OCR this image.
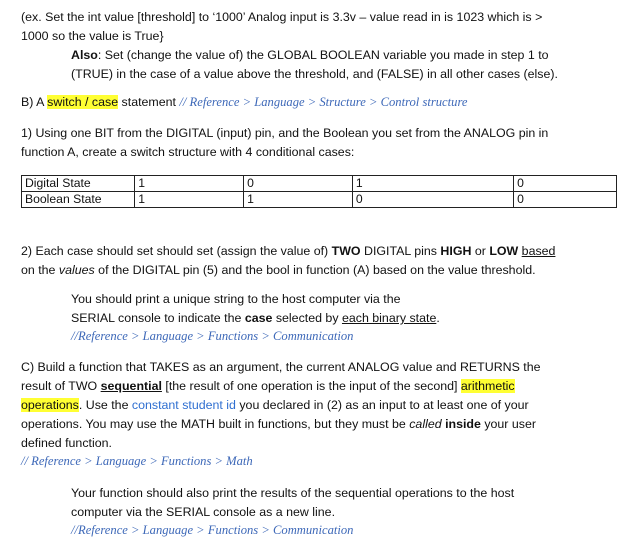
(ex. Set the int value [threshold] to ‘1000’ Analog input is 3.3v – value read in is 1023 which is >
1000 so the value is True}
Also: Set (change the value of) the GLOBAL BOOLEAN variable you made in step 1 to
(TRUE) in the case of a value above the threshold, and (FALSE) in all other cases (else).
B) A switch / case statement // Reference > Language > Structure > Control structure
1) Using one BIT from the DIGITAL (input) pin, and the Boolean you set from the ANALOG pin in
function A, create a switch structure with 4 conditional cases:
Digital State	1	0	1	0
Boolean State	1	1	0	0
2) Each case should set should set (assign the value of) TWO DIGITAL pins HIGH or LOW based
on the values of the DIGITAL pin (5) and the bool in function (A) based on the value threshold.
You should print a unique string to the host computer via the
SERIAL console to indicate the case selected by each binary state.
//Reference > Language > Functions > Communication
C) Build a function that TAKES as an argument, the current ANALOG value and RETURNS the
result of TWO sequential [the result of one operation is the input of the second] arithmetic
operations. Use the constant student id you declared in (2) as an input to at least one of your
operations. You may use the MATH built in functions, but they must be called inside your user
defined function.
// Reference > Language > Functions > Math
Your function should also print the results of the sequential operations to the host
computer via the SERIAL console as a new line.
//Reference > Language > Functions > Communication
